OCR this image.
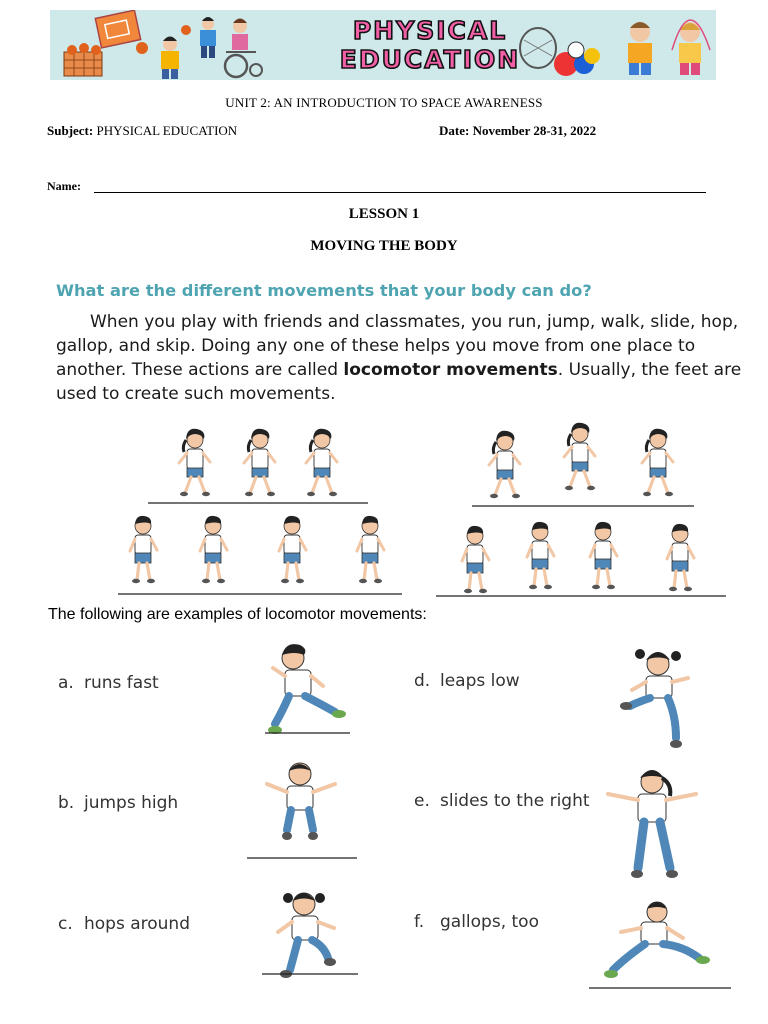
PHYSICAL
EDUCATION
UNIT 2: AN INTRODUCTION TO SPACE AWARENESS
Subject: PHYSICAL EDUCATION	Date: November 28-31, 2022
Name:
LESSON 1
MOVING THE BODY
What are the different movements that your body can do?
When you play with friends and classmates, you run, jump, walk, slide, hop, gallop, and skip. Doing any one of these helps you move from one place to another. These actions are called locomotor movements. Usually, the feet are used to create such movements.
The following are examples of locomotor movements:
a. runs fast
b. jumps high
c. hops around
d. leaps low
e. slides to the right
f. gallops, too
